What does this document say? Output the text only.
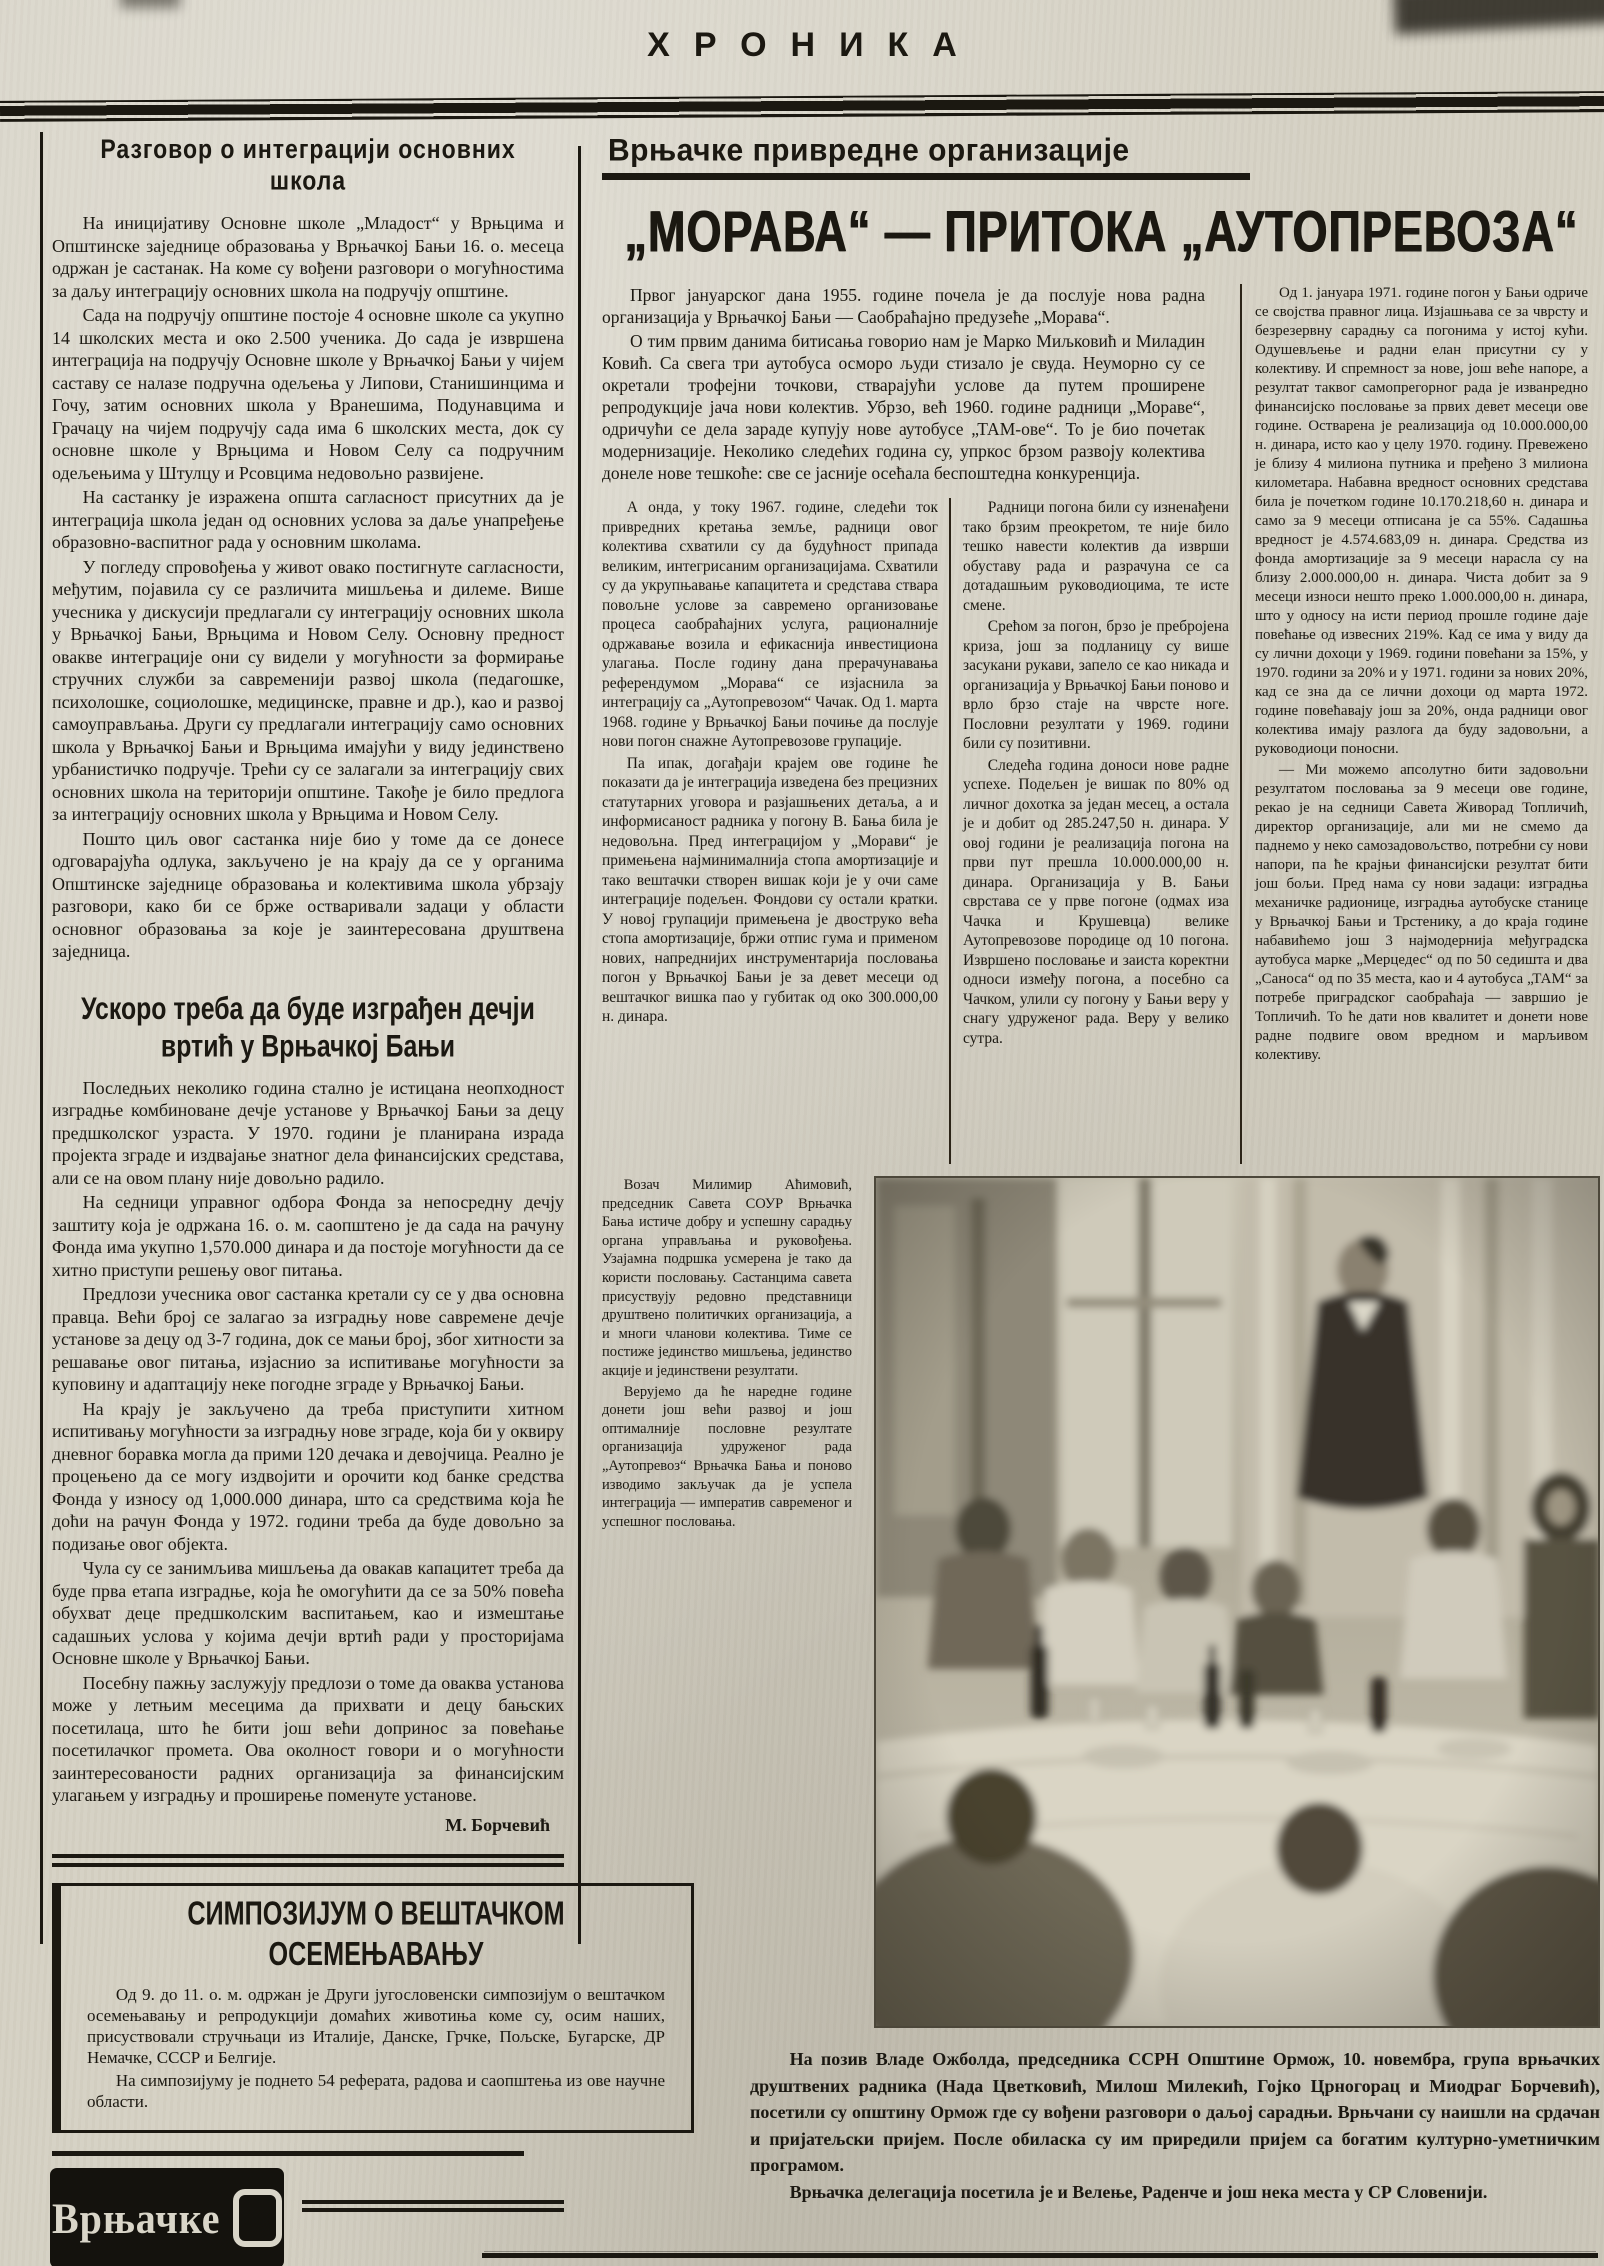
ХРОНИКА
Разговор о интеграцији основних школа

На иницијативу Основне школе „Младост“ у Врњцима и Општинске заједнице образовања у Врњачкој Бањи 16. о. месеца одржан је састанак. На коме су вођени разговори о могућностима за даљу интеграцију основних школа на подручју општине.

Сада на подручју општине постоје 4 основне школе са укупно 14 школских места и око 2.500 ученика. До сада је извршена интеграција на подручју Основне школе у Врњачкој Бањи у чијем саставу се налазе подручна одељења у Липови, Станишинцима и Гочу, затим основних школа у Вранешима, Подунавцима и Грачацу на чијем подручју сада има 6 школских места, док су основне школе у Врњцима и Новом Селу са подручним одељењима у Штулцу и Рсовцима недовољно развијене.

На састанку је изражена општа сагласност присутних да је интеграција школа један од основних услова за даље унапређење образовно-васпитног рада у основним школама.

У погледу спровођења у живот овако постигнуте сагласности, међутим, појавила су се различита мишљења и дилеме. Више учесника у дискусији предлагали су интеграцију основних школа у Врњачкој Бањи, Врњцима и Новом Селу. Основну предност овакве интеграције они су видели у могућности за формирање стручних служби за савременији развој школа (педагошке, психолошке, социолошке, медицинске, правне и др.), као и развој самоуправљања. Други су предлагали интеграцију само основних школа у Врњачкој Бањи и Врњцима имајући у виду јединствено урбанистичко подручје. Трећи су се залагали за интеграцију свих основних школа на територији општине. Такође је било предлога за интеграцију основних школа у Врњцима и Новом Селу.

Пошто циљ овог састанка није био у томе да се донесе одговарајућа одлука, закључено је на крају да се у органима Општинске заједнице образовања и колективима школа убрзају разговори, како би се брже остваривали задаци у области основног образовања за које је заинтересована друштвена заједница.

Ускоро треба да буде изграђен дечји
вртић у Врњачкој Бањи

Последњих неколико година стално је истицана неопходност изградње комбиноване дечје установе у Врњачкој Бањи за децу предшколског узраста. У 1970. години је планирана израда пројекта зграде и издвајање знатног дела финансијских средстава, али се на овом плану није довољно радило.

На седници управног одбора Фонда за непосредну дечју заштиту која је одржана 16. о. м. саопштено је да сада на рачуну Фонда има укупно 1,570.000 динара и да постоје могућности да се хитно приступи решењу овог питања.

Предлози учесника овог састанка кретали су се у два основна правца. Већи број се залагао за изградњу нове савремене дечје установе за децу од 3-7 година, док се мањи број, због хитности за решавање овог питања, изјаснио за испитивање могућности за куповину и адаптацију неке погодне зграде у Врњачкој Бањи.

На крају је закључено да треба приступити хитном испитивању могућности за изградњу нове зграде, која би у оквиру дневног боравка могла да прими 120 дечака и девојчица. Реално је процењено да се могу издвојити и орочити код банке средства Фонда у износу од 1,000.000 динара, што са средствима која ће доћи на рачун Фонда у 1972. години треба да буде довољно за подизање овог објекта.

Чула су се занимљива мишљења да овакав капацитет треба да буде прва етапа изградње, која ће омогућити да се за 50% повећа обухват деце предшколским васпитањем, као и измештање садашњих услова у којима дечји вртић ради у просторијама Основне школе у Врњачкој Бањи.

Посебну пажњу заслужују предлози о томе да оваква установа може у летњим месецима да прихвати и децу бањских посетилаца, што ће бити још већи допринос за повећање посетилачког промета. Ова околност говори и о могућности заинтересованости радних организација за финансијским улагањем у изградњу и проширење поменуте установе.

М. Борчевић
СИМПОЗИЈУМ О ВЕШТАЧКОМ
ОСЕМЕЊАВАЊУ

Од 9. до 11. о. м. одржан је Други југословенски симпозијум о вештачком осемењавању и репродукцији домаћих животиња коме су, осим наших, присуствовали стручњаци из Италије, Данске, Грчке, Пољске, Бугарске, ДР Немачке, СССР и Белгије.

На симпозијуму је поднето 54 реферата, радова и саопштења из ове научне области.

Врњачке
Врњачке привредне организације
„МОРАВА“ — ПРИТОКА „АУТОПРЕВОЗА“

Првог јануарског дана 1955. године почела је да послује нова радна организација у Врњачкој Бањи — Саобраћајно предузеће „Морава“.

О тим првим данима битисања говорио нам је Марко Миљковић и Миладин Ковић. Са свега три аутобуса осморо људи стизало је свуда. Неуморно су се окретали трофејни точкови, стварајући услове да путем проширене репродукције јача нови колектив. Убрзо, већ 1960. године радници „Мораве“, одричући се дела зараде купују нове аутобусе „ТАМ-ове“. То је био почетак модернизације. Неколико следећих година су, упркос брзом развоју колектива донеле нове тешкоће: све се јасније осећала беспоштедна конкуренција.

А онда, у току 1967. године, следећи ток привредних кретања земље, радници овог колектива схватили су да будућност припада великим, интегрисаним организацијама. Схватили су да укрупњавање капацитета и средстава ствара повољне услове за савремено организовање процеса саобраћајних услуга, рационалније одржавање возила и ефикаснија инвестициона улагања. После годину дана прерачунавања референдумом „Морава“ се изјаснила за интеграцију са „Аутопревозом“ Чачак. Од 1. марта 1968. године у Врњачкој Бањи почиње да послује нови погон снажне Аутопревозове групације.

Па ипак, догађаји крајем ове године ће показати да је интеграција изведена без прецизних статутарних уговора и разјашњених детаља, а и информисаност радника у погону В. Бања била је недовољна. Пред интеграцијом у „Морави“ је примењена најминималнија стопа амортизације и тако вештачки створен вишак који је у очи саме интеграције подељен. Фондови су остали кратки. У новој групацији примењена је двоструко већа стопа амортизације, бржи отпис гума и применом нових, напреднијих инструментарија пословања погон у Врњачкој Бањи је за девет месеци од вештачког вишка пао у губитак од око 300.000,00 н. динара.

Радници погона били су изненађени тако брзим преокретом, те није било тешко навести колектив да изврши обуставу рада и разрачуна се са дотадашњим руководиоцима, те исте смене.

Срећом за погон, брзо је пребројена криза, још за подланицу су више засукани рукави, запело се као никада и организација у Врњачкој Бањи поново и врло брзо стаје на чврсте ноге. Пословни резултати у 1969. години били су позитивни.

Следећа година доноси нове радне успехе. Подељен је вишак по 80% од личног дохотка за један месец, а остала је и добит од 285.247,50 н. динара. У овој години је реализација погона на први пут прешла 10.000.000,00 н. динара. Организација у В. Бањи сврстава се у прве погоне (одмах иза Чачка и Крушевца) велике Аутопревозове породице од 10 погона. Извршено пословање и заиста коректни односи између погона, а посебно са Чачком, улили су погону у Бањи веру у снагу удруженог рада. Веру у велико сутра.

Од 1. јануара 1971. године погон у Бањи одриче се својства правног лица. Изјашњава се за чврсту и безрезервну сарадњу са погонима у истој кући. Одушевљење и радни елан присутни су у колективу. И спремност за нове, још веће напоре, а резултат таквог самопрегорног рада је изванредно финансијско пословање за првих девет месеци ове године. Остварена је реализација од 10.000.000,00 н. динара, исто као у целу 1970. годину. Превежено је близу 4 милиона путника и пређено 3 милиона километара. Набавна вредност основних средстава била је почетком године 10.170.218,60 н. динара и само за 9 месеци отписана је са 55%. Садашња вредност је 4.574.683,09 н. динара. Средства из фонда амортизације за 9 месеци нарасла су на близу 2.000.000,00 н. динара. Чиста добит за 9 месеци износи нешто преко 1.000.000,00 н. динара, што у односу на исти период прошле године даје повећање од извесних 219%. Кад се има у виду да су лични дохоци у 1969. години повећани за 15%, у 1970. години за 20% и у 1971. години за нових 20%, кад се зна да се лични дохоци од марта 1972. године повећавају још за 20%, онда радници овог колектива имају разлога да буду задовољни, а руководиоци поносни.

— Ми можемо апсолутно бити задовољни резултатом пословања за 9 месеци ове године, рекао је на седници Савета Живорад Топличић, директор организације, али ми не смемо да паднемо у неко самозадовољство, потребни су нови напори, па ће крајњи финансијски резултат бити још бољи. Пред нама су нови задаци: изградња механичке радионице, изградња аутобуске станице у Врњачкој Бањи и Трстенику, а до краја године набавићемо још 3 најмодернија међуградска аутобуса марке „Мерцедес“ од по 50 седишта и два „Саноса“ од по 35 места, као и 4 аутобуса „ТАМ“ за потребе приградског саобраћаја — завршио је Топличић. То ће дати нов квалитет и донети нове радне подвиге овом вредном и марљивом колективу.

Возач Милимир Аћимовић, председник Савета СОУР Врњачка Бања истиче добру и успешну сарадњу органа управљања и руковођења. Узајамна подршка усмерена је тако да користи пословању. Састанцима савета присуствују редовно представници друштвено политичких организација, а и многи чланови колектива. Тиме се постиже јединство мишљења, јединство акције и јединствени резултати.

Верујемо да ће наредне године донети још већи развој и још оптималније пословне резултате организација удруженог рада „Аутопревоз“ Врњачка Бања и поново изводимо закључак да је успела интеграција — императив савременог и успешног пословања.

На позив Владе Ожболда, председника ССРН Општине Ормож, 10. новембра, група врњачких друштвених радника (Нада Цветковић, Милош Милекић, Гојко Црногорац и Миодраг Борчевић), посетили су општину Ормож где су вођени разговори о даљој сарадњи. Врњчани су наишли на срдачан и пријатељски пријем. После обиласка су им приредили пријем са богатим културно-уметничким програмом.

Врњачка делегација посетила је и Велење, Раденче и још нека места у СР Словенији.
